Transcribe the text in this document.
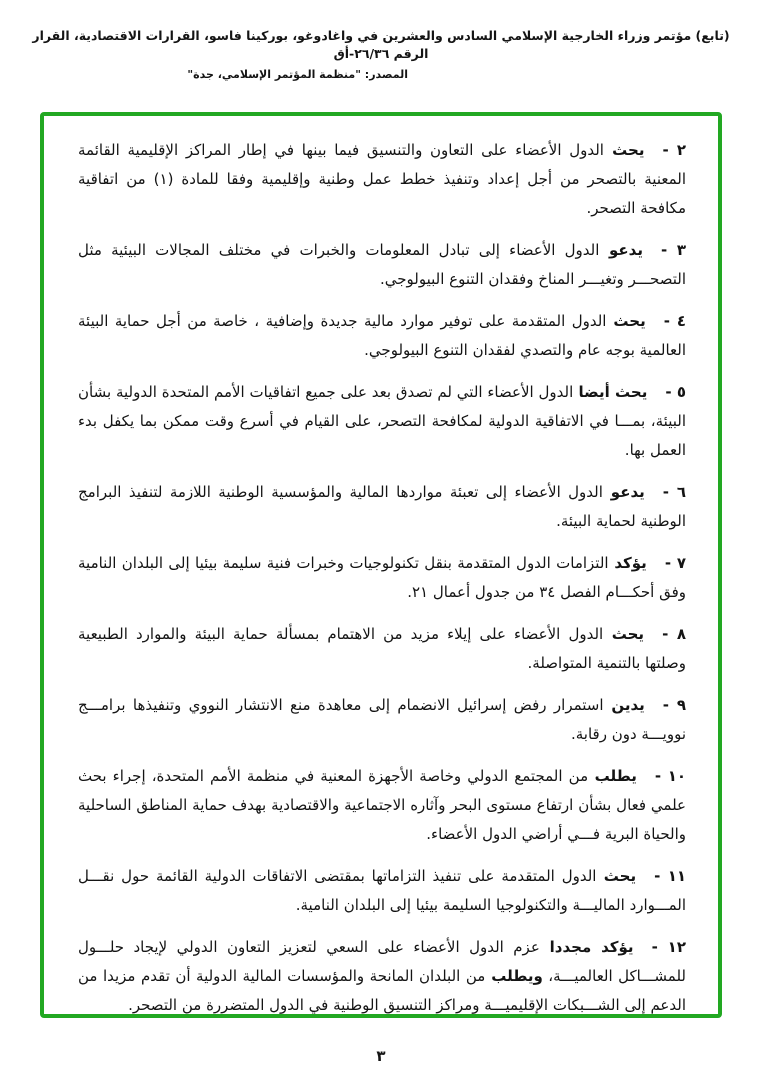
(تابع) مؤتمر وزراء الخارجية الإسلامي السادس والعشرين في واغادوغو، بوركينا فاسو، القرارات الاقتصادية، القرار الرقم ٢٦/٣٦-أق
المصدر: "منظمة المؤتمر الإسلامي، جدة"

٢ -يحث الدول الأعضاء على التعاون والتنسيق فيما بينها في إطار المراكز الإقليمية القائمة المعنية بالتصحر من أجل إعداد وتنفيذ خطط عمل وطنية وإقليمية وفقا للمادة (١) من اتفاقية مكافحة التصحر.

٣ -يدعو الدول الأعضاء إلى تبادل المعلومات والخبرات في مختلف المجالات البيئية مثل التصحـــر وتغيـــر المناخ وفقدان التنوع البيولوجي.

٤ -يحث الدول المتقدمة على توفير موارد مالية جديدة وإضافية ، خاصة من أجل حماية البيئة العالمية بوجه عام والتصدي لفقدان التنوع البيولوجي.

٥ -يحث أيضا الدول الأعضاء التي لم تصدق بعد على جميع اتفاقيات الأمم المتحدة الدولية بشأن البيئة، بمـــا في الاتفاقية الدولية لمكافحة التصحر، على القيام في أسرع وقت ممكن بما يكفل بدء العمل بها.

٦ -يدعو الدول الأعضاء إلى تعبئة مواردها المالية والمؤسسية الوطنية اللازمة لتنفيذ البرامج الوطنية لحماية البيئة.

٧ -يؤكد التزامات الدول المتقدمة بنقل تكنولوجيات وخبرات فنية سليمة بيئيا إلى البلدان النامية وفق أحكـــام الفصل ٣٤ من جدول أعمال ٢١.

٨ -يحث الدول الأعضاء على إيلاء مزيد من الاهتمام بمسألة حماية البيئة والموارد الطبيعية وصلتها بالتنمية المتواصلة.

٩ -يدين استمرار رفض إسرائيل الانضمام إلى معاهدة منع الانتشار النووي وتنفيذها برامـــج نوويـــة دون رقابة.

١٠ -يطلب من المجتمع الدولي وخاصة الأجهزة المعنية في منظمة الأمم المتحدة، إجراء بحث علمي فعال بشأن ارتفاع مستوى البحر وآثاره الاجتماعية والاقتصادية بهدف حماية المناطق الساحلية والحياة البرية فـــي أراضي الدول الأعضاء.

١١ -يحث الدول المتقدمة على تنفيذ التزاماتها بمقتضى الاتفاقات الدولية القائمة حول نقـــل المـــوارد الماليـــة والتكنولوجيا السليمة بيئيا إلى البلدان النامية.

١٢ -يؤكد مجددا عزم الدول الأعضاء على السعي لتعزيز التعاون الدولي لإيجاد حلـــول للمشـــاكل العالميـــة، ويطلب من البلدان المانحة والمؤسسات المالية الدولية أن تقدم مزيدا من الدعم إلى الشـــبكات الإقليميـــة ومراكز التنسيق الوطنية في الدول المتضررة من التصحر.

٣
